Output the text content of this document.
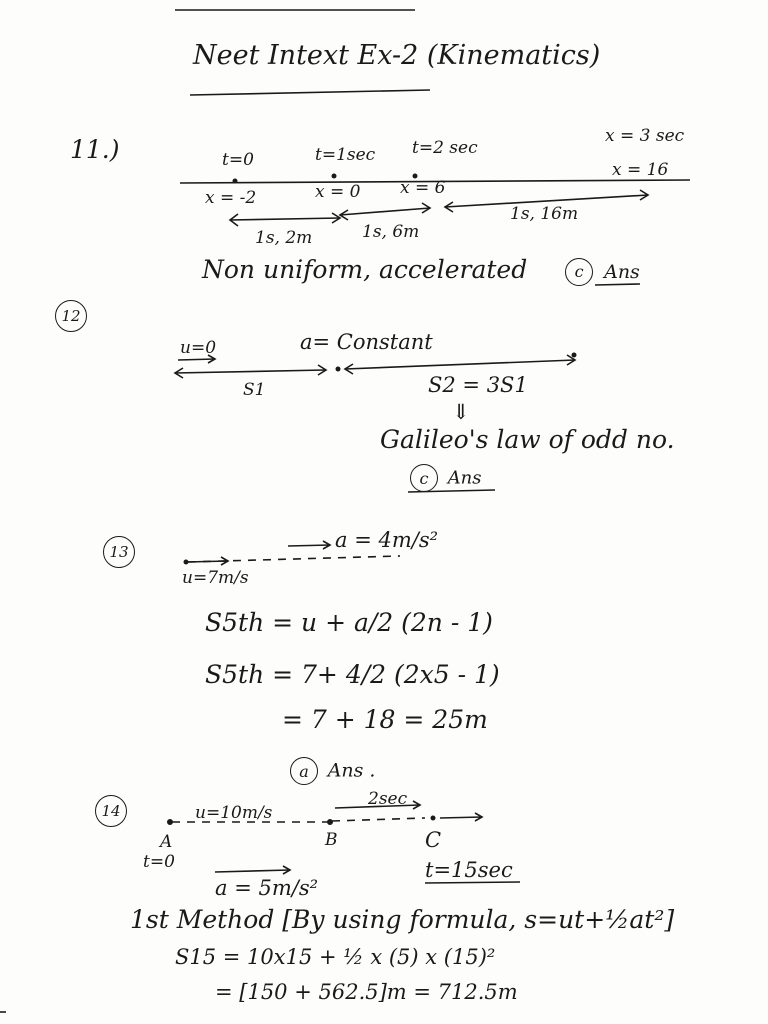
Neet Intext Ex-2 (Kinematics)
11.)	t=0	t=1sec t=2 sec
x = 3 sec
x = -2	x = 0 x = 6
x = 16
1s, 2m	1s, 6m
1s, 16m
Non uniform, accelerated	c Ans
12
u=0	a= Constant
S1	S2 = 3S1
⇓
Galileo's law of odd no.
c Ans
13	a = 4m/s²
u=7m/s
S5th = u + a/2 (2n - 1)
S5th = 7+ 4/2 (2x5 - 1)
= 7 + 18 = 25m
a Ans .
14	u=10m/s
2sec
A	B	C
t=0	t=15sec
a = 5m/s²
1st Method [By using formula, s=ut+½at²]
S15 = 10x15 + ½ x (5) x (15)²
= [150 + 562.5]m = 712.5m
